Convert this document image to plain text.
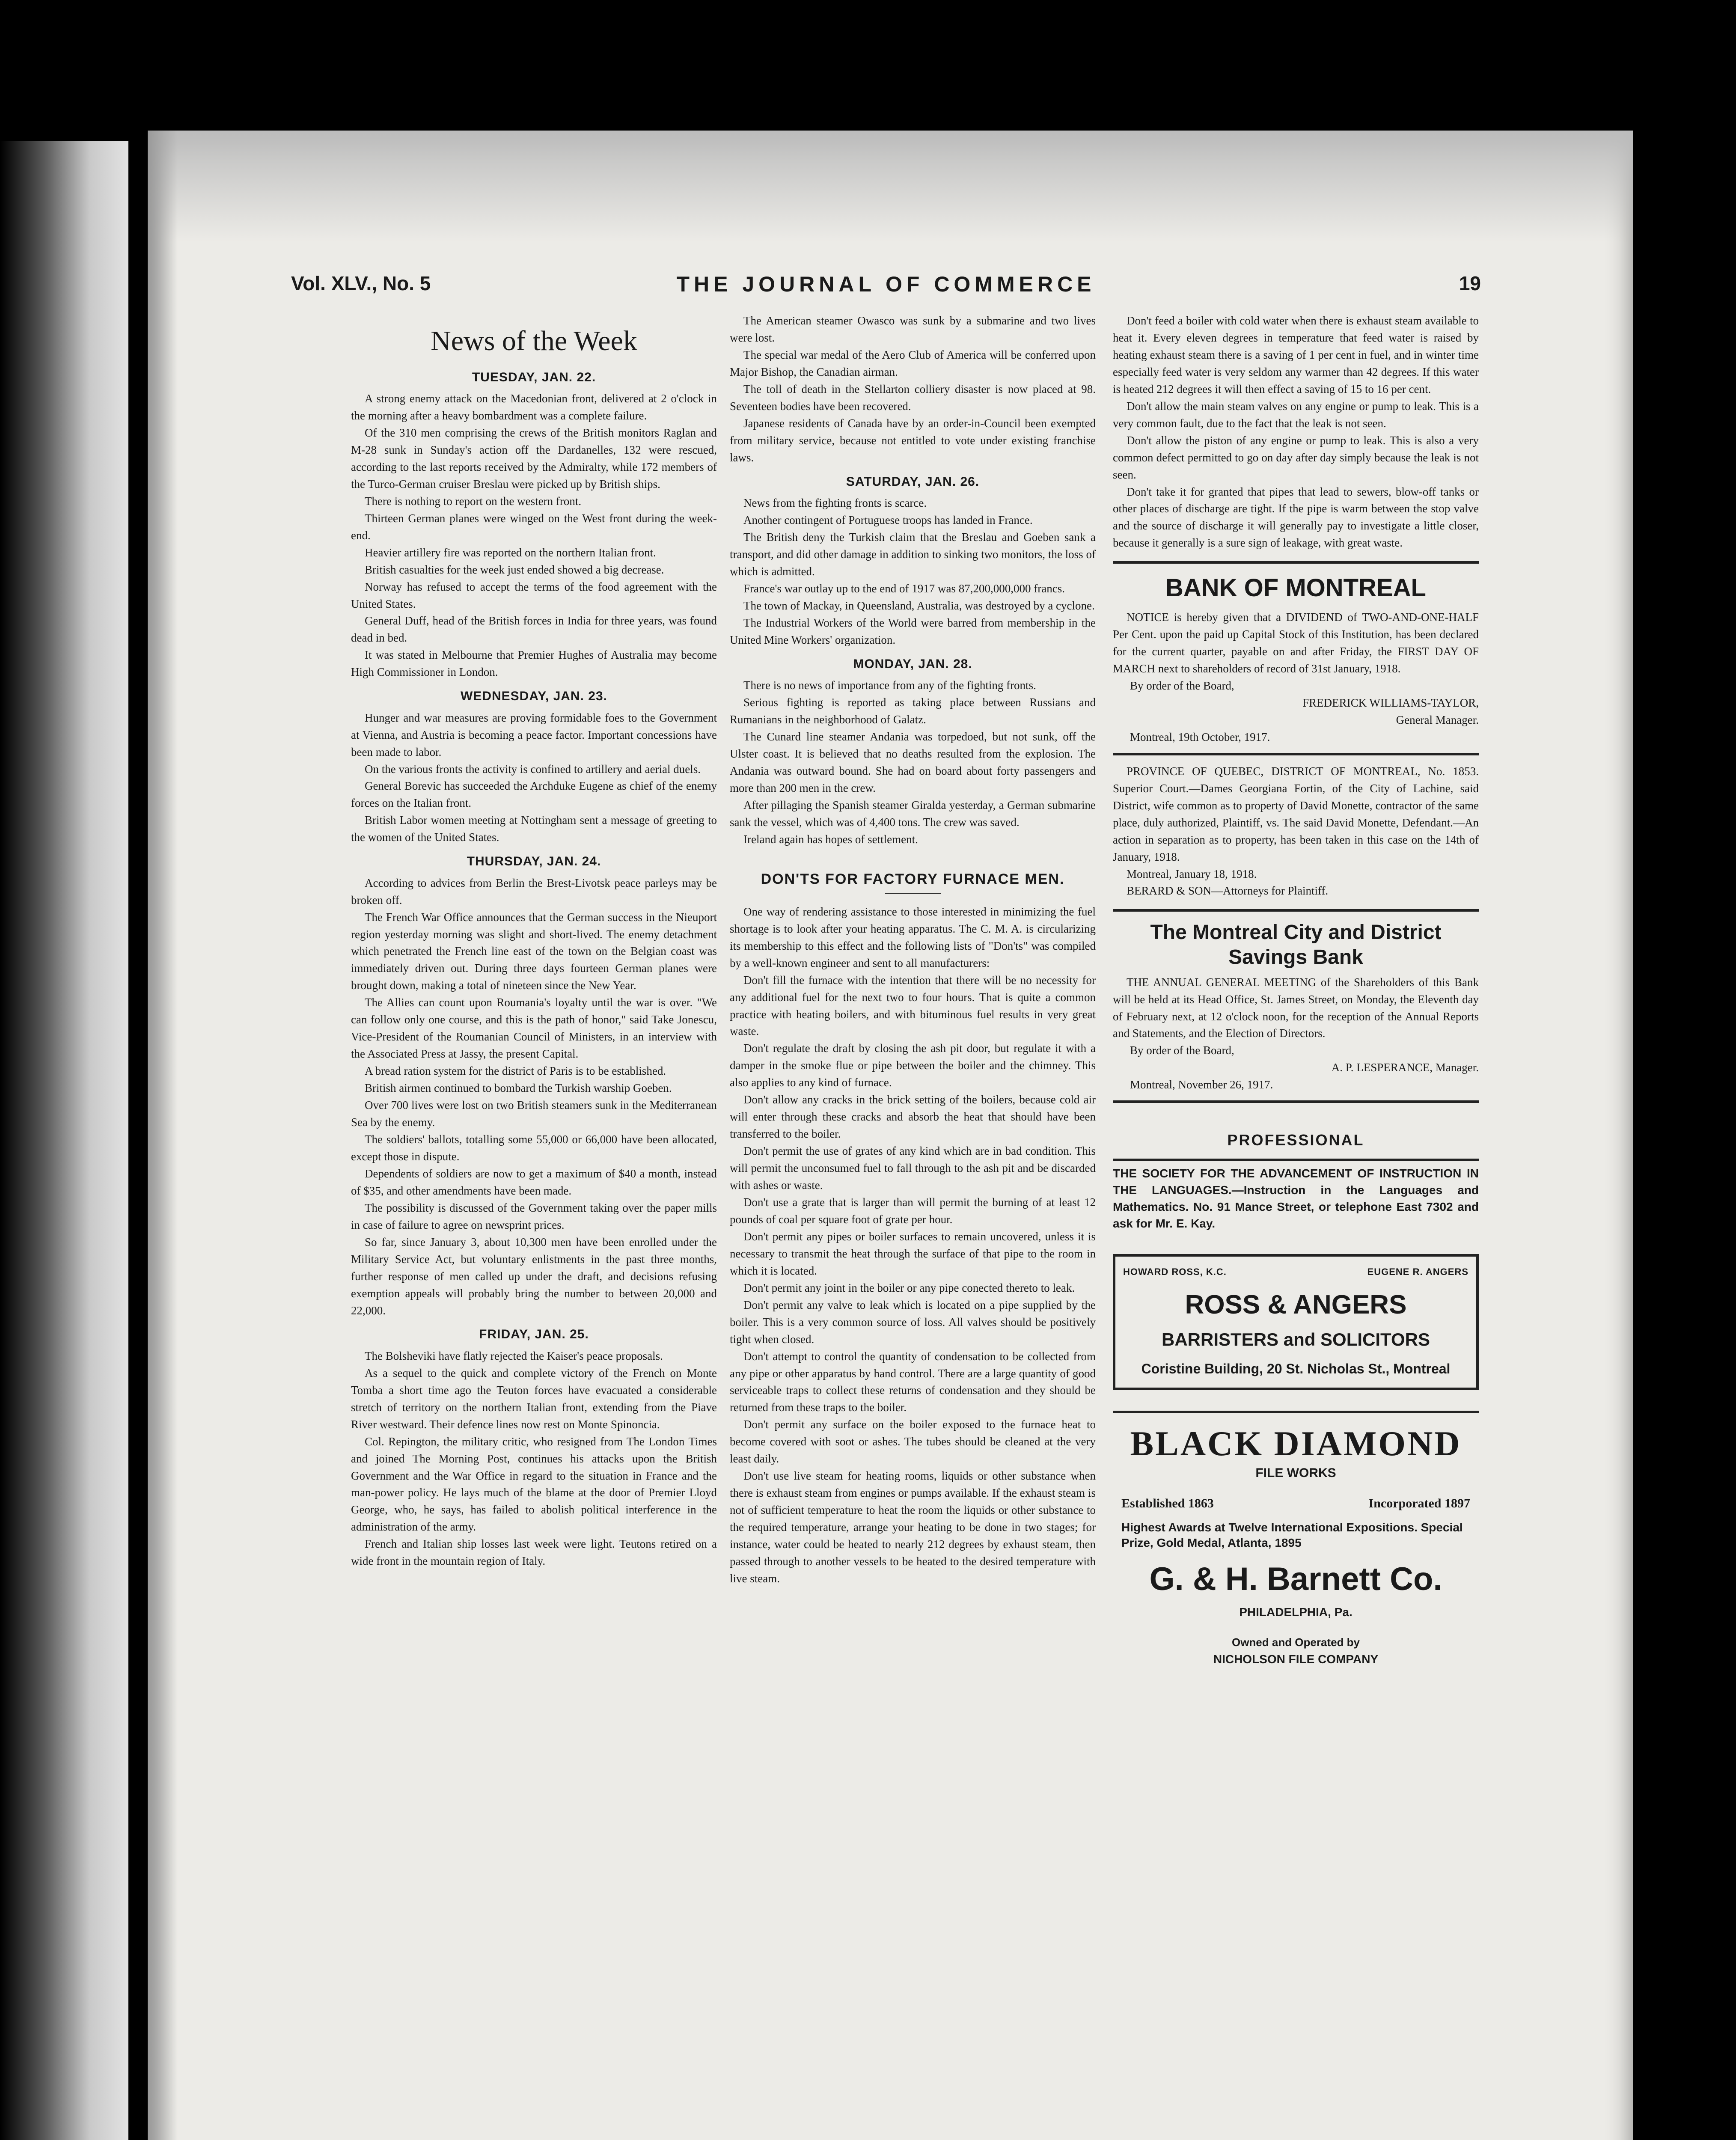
Vol. XLV., No. 5	THE JOURNAL OF COMMERCE	19
News of the Week
TUESDAY, JAN. 22.

A strong enemy attack on the Macedonian front, delivered at 2 o'clock in the morning after a heavy bombardment was a complete failure.

Of the 310 men comprising the crews of the British monitors Raglan and M-28 sunk in Sunday's action off the Dardanelles, 132 were rescued, according to the last reports received by the Admiralty, while 172 members of the Turco-German cruiser Breslau were picked up by British ships.

There is nothing to report on the western front.

Thirteen German planes were winged on the West front during the week-end.

Heavier artillery fire was reported on the northern Italian front.

British casualties for the week just ended showed a big decrease.

Norway has refused to accept the terms of the food agreement with the United States.

General Duff, head of the British forces in India for three years, was found dead in bed.

It was stated in Melbourne that Premier Hughes of Australia may become High Commissioner in London.

WEDNESDAY, JAN. 23.

Hunger and war measures are proving formidable foes to the Government at Vienna, and Austria is becoming a peace factor. Important concessions have been made to labor.

On the various fronts the activity is confined to artillery and aerial duels.

General Borevic has succeeded the Archduke Eugene as chief of the enemy forces on the Italian front.

British Labor women meeting at Nottingham sent a message of greeting to the women of the United States.

THURSDAY, JAN. 24.

According to advices from Berlin the Brest-Livotsk peace parleys may be broken off.

The French War Office announces that the German success in the Nieuport region yesterday morning was slight and short-lived. The enemy detachment which penetrated the French line east of the town on the Belgian coast was immediately driven out. During three days fourteen German planes were brought down, making a total of nineteen since the New Year.

The Allies can count upon Roumania's loyalty until the war is over. "We can follow only one course, and this is the path of honor," said Take Jonescu, Vice-President of the Roumanian Council of Ministers, in an interview with the Associated Press at Jassy, the present Capital.

A bread ration system for the district of Paris is to be established.

British airmen continued to bombard the Turkish warship Goeben.

Over 700 lives were lost on two British steamers sunk in the Mediterranean Sea by the enemy.

The soldiers' ballots, totalling some 55,000 or 66,000 have been allocated, except those in dispute.

Dependents of soldiers are now to get a maximum of $40 a month, instead of $35, and other amendments have been made.

The possibility is discussed of the Government taking over the paper mills in case of failure to agree on newsprint prices.

So far, since January 3, about 10,300 men have been enrolled under the Military Service Act, but voluntary enlistments in the past three months, further response of men called up under the draft, and decisions refusing exemption appeals will probably bring the number to between 20,000 and 22,000.

FRIDAY, JAN. 25.

The Bolsheviki have flatly rejected the Kaiser's peace proposals.

As a sequel to the quick and complete victory of the French on Monte Tomba a short time ago the Teuton forces have evacuated a considerable stretch of territory on the northern Italian front, extending from the Piave River westward. Their defence lines now rest on Monte Spinoncia.

Col. Repington, the military critic, who resigned from The London Times and joined The Morning Post, continues his attacks upon the British Government and the War Office in regard to the situation in France and the man-power policy. He lays much of the blame at the door of Premier Lloyd George, who, he says, has failed to abolish political interference in the administration of the army.

French and Italian ship losses last week were light. Teutons retired on a wide front in the mountain region of Italy.

The American steamer Owasco was sunk by a submarine and two lives were lost.

The special war medal of the Aero Club of America will be conferred upon Major Bishop, the Canadian airman.

The toll of death in the Stellarton colliery disaster is now placed at 98. Seventeen bodies have been recovered.

Japanese residents of Canada have by an order-in-Council been exempted from military service, because not entitled to vote under existing franchise laws.

SATURDAY, JAN. 26.

News from the fighting fronts is scarce.

Another contingent of Portuguese troops has landed in France.

The British deny the Turkish claim that the Breslau and Goeben sank a transport, and did other damage in addition to sinking two monitors, the loss of which is admitted.

France's war outlay up to the end of 1917 was 87,200,000,000 francs.

The town of Mackay, in Queensland, Australia, was destroyed by a cyclone.

The Industrial Workers of the World were barred from membership in the United Mine Workers' organization.

MONDAY, JAN. 28.

There is no news of importance from any of the fighting fronts.

Serious fighting is reported as taking place between Russians and Rumanians in the neighborhood of Galatz.

The Cunard line steamer Andania was torpedoed, but not sunk, off the Ulster coast. It is believed that no deaths resulted from the explosion. The Andania was outward bound. She had on board about forty passengers and more than 200 men in the crew.

After pillaging the Spanish steamer Giralda yesterday, a German submarine sank the vessel, which was of 4,400 tons. The crew was saved.

Ireland again has hopes of settlement.

DON'TS FOR FACTORY FURNACE MEN.

One way of rendering assistance to those interested in minimizing the fuel shortage is to look after your heating apparatus. The C. M. A. is circularizing its membership to this effect and the following lists of "Don'ts" was compiled by a well-known engineer and sent to all manufacturers:

Don't fill the furnace with the intention that there will be no necessity for any additional fuel for the next two to four hours. That is quite a common practice with heating boilers, and with bituminous fuel results in very great waste.

Don't regulate the draft by closing the ash pit door, but regulate it with a damper in the smoke flue or pipe between the boiler and the chimney. This also applies to any kind of furnace.

Don't allow any cracks in the brick setting of the boilers, because cold air will enter through these cracks and absorb the heat that should have been transferred to the boiler.

Don't permit the use of grates of any kind which are in bad condition. This will permit the unconsumed fuel to fall through to the ash pit and be discarded with ashes or waste.

Don't use a grate that is larger than will permit the burning of at least 12 pounds of coal per square foot of grate per hour.

Don't permit any pipes or boiler surfaces to remain uncovered, unless it is necessary to transmit the heat through the surface of that pipe to the room in which it is located.

Don't permit any joint in the boiler or any pipe conected thereto to leak.

Don't permit any valve to leak which is located on a pipe supplied by the boiler. This is a very common source of loss. All valves should be positively tight when closed.

Don't attempt to control the quantity of condensation to be collected from any pipe or other apparatus by hand control. There are a large quantity of good serviceable traps to collect these returns of condensation and they should be returned from these traps to the boiler.

Don't permit any surface on the boiler exposed to the furnace heat to become covered with soot or ashes. The tubes should be cleaned at the very least daily.

Don't use live steam for heating rooms, liquids or other substance when there is exhaust steam from engines or pumps available. If the exhaust steam is not of sufficient temperature to heat the room the liquids or other substance to the required temperature, arrange your heating to be done in two stages; for instance, water could be heated to nearly 212 degrees by exhaust steam, then passed through to another vessels to be heated to the desired temperature with live steam.

Don't feed a boiler with cold water when there is exhaust steam available to heat it. Every eleven degrees in temperature that feed water is raised by heating exhaust steam there is a saving of 1 per cent in fuel, and in winter time especially feed water is very seldom any warmer than 42 degrees. If this water is heated 212 degrees it will then effect a saving of 15 to 16 per cent.

Don't allow the main steam valves on any engine or pump to leak. This is a very common fault, due to the fact that the leak is not seen.

Don't allow the piston of any engine or pump to leak. This is also a very common defect permitted to go on day after day simply because the leak is not seen.

Don't take it for granted that pipes that lead to sewers, blow-off tanks or other places of discharge are tight. If the pipe is warm between the stop valve and the source of discharge it will generally pay to investigate a little closer, because it generally is a sure sign of leakage, with great waste.

BANK OF MONTREAL

NOTICE is hereby given that a DIVIDEND of TWO-AND-ONE-HALF Per Cent. upon the paid up Capital Stock of this Institution, has been declared for the current quarter, payable on and after Friday, the FIRST DAY OF MARCH next to shareholders of record of 31st January, 1918.

By order of the Board,

FREDERICK WILLIAMS-TAYLOR,

General Manager.

Montreal, 19th October, 1917.

PROVINCE OF QUEBEC, DISTRICT OF MONTREAL, No. 1853. Superior Court.—Dames Georgiana Fortin, of the City of Lachine, said District, wife common as to property of David Monette, contractor of the same place, duly authorized, Plaintiff, vs. The said David Monette, Defendant.—An action in separation as to property, has been taken in this case on the 14th of January, 1918.

Montreal, January 18, 1918.

BERARD & SON—Attorneys for Plaintiff.

The Montreal City and District Savings Bank

THE ANNUAL GENERAL MEETING of the Shareholders of this Bank will be held at its Head Office, St. James Street, on Monday, the Eleventh day of February next, at 12 o'clock noon, for the reception of the Annual Reports and Statements, and the Election of Directors.

By order of the Board,

A. P. LESPERANCE, Manager.

Montreal, November 26, 1917.

PROFESSIONAL
THE SOCIETY FOR THE ADVANCEMENT OF INSTRUCTION IN THE LANGUAGES.—Instruction in the Languages and Mathematics. No. 91 Mance Street, or telephone East 7302 and ask for Mr. E. Kay.
HOWARD ROSS, K.C.	EUGENE R. ANGERS
ROSS & ANGERS
BARRISTERS and SOLICITORS
Coristine Building, 20 St. Nicholas St., Montreal
BLACK DIAMOND
FILE WORKS
Established 1863	Incorporated 1897
Highest Awards at Twelve International Expositions. Special Prize, Gold Medal, Atlanta, 1895
G. & H. Barnett Co.
PHILADELPHIA, Pa.
Owned and Operated by
NICHOLSON FILE COMPANY
